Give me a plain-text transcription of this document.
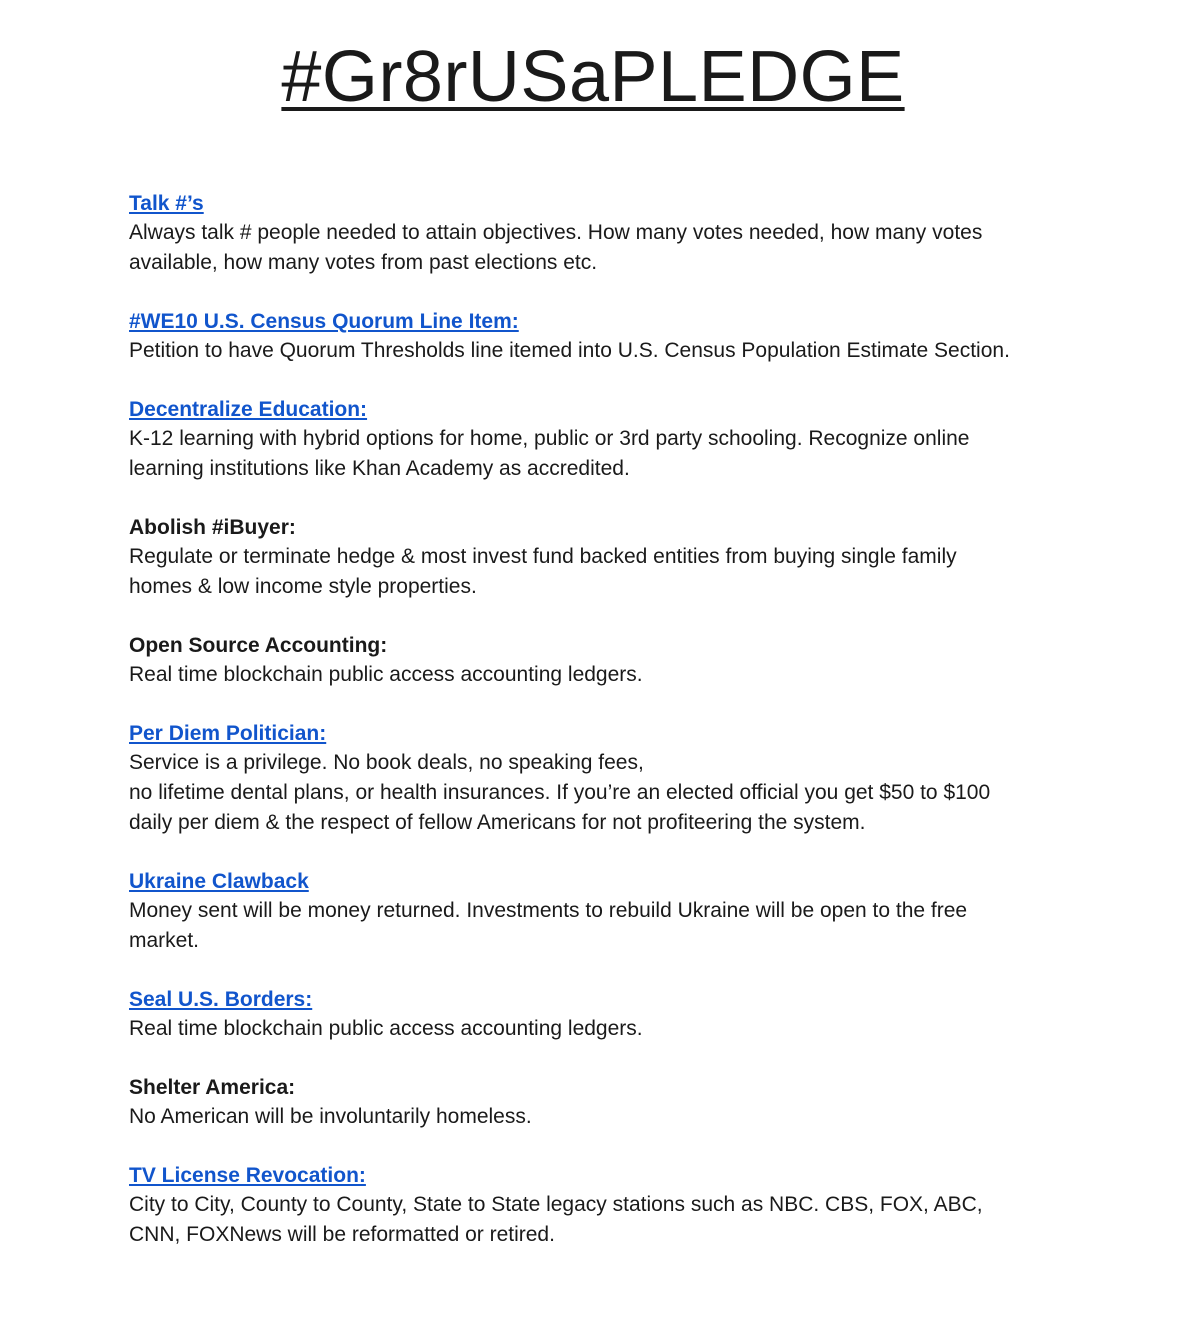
#Gr8rUSaPLEDGE
Talk #’s

Always talk # people needed to attain objectives. How many votes needed, how many votes

available, how many votes from past elections etc.

#WE10 U.S. Census Quorum Line Item:

Petition to have Quorum Thresholds line itemed into U.S. Census Population Estimate Section.

Decentralize Education:

K-12 learning with hybrid options for home, public or 3rd party schooling. Recognize online

learning institutions like Khan Academy as accredited.

Abolish #iBuyer:

Regulate or terminate hedge & most invest fund backed entities from buying single family

homes & low income style properties.

Open Source Accounting:

Real time blockchain public access accounting ledgers.

Per Diem Politician:

Service is a privilege. No book deals, no speaking fees,

no lifetime dental plans, or health insurances. If you’re an elected official you get $50 to $100

daily per diem & the respect of fellow Americans for not profiteering the system.

Ukraine Clawback

Money sent will be money returned. Investments to rebuild Ukraine will be open to the free

market.

Seal U.S. Borders:

Real time blockchain public access accounting ledgers.

Shelter America:

No American will be involuntarily homeless.

TV License Revocation:

City to City, County to County, State to State legacy stations such as NBC. CBS, FOX, ABC,

CNN, FOXNews will be reformatted or retired.
